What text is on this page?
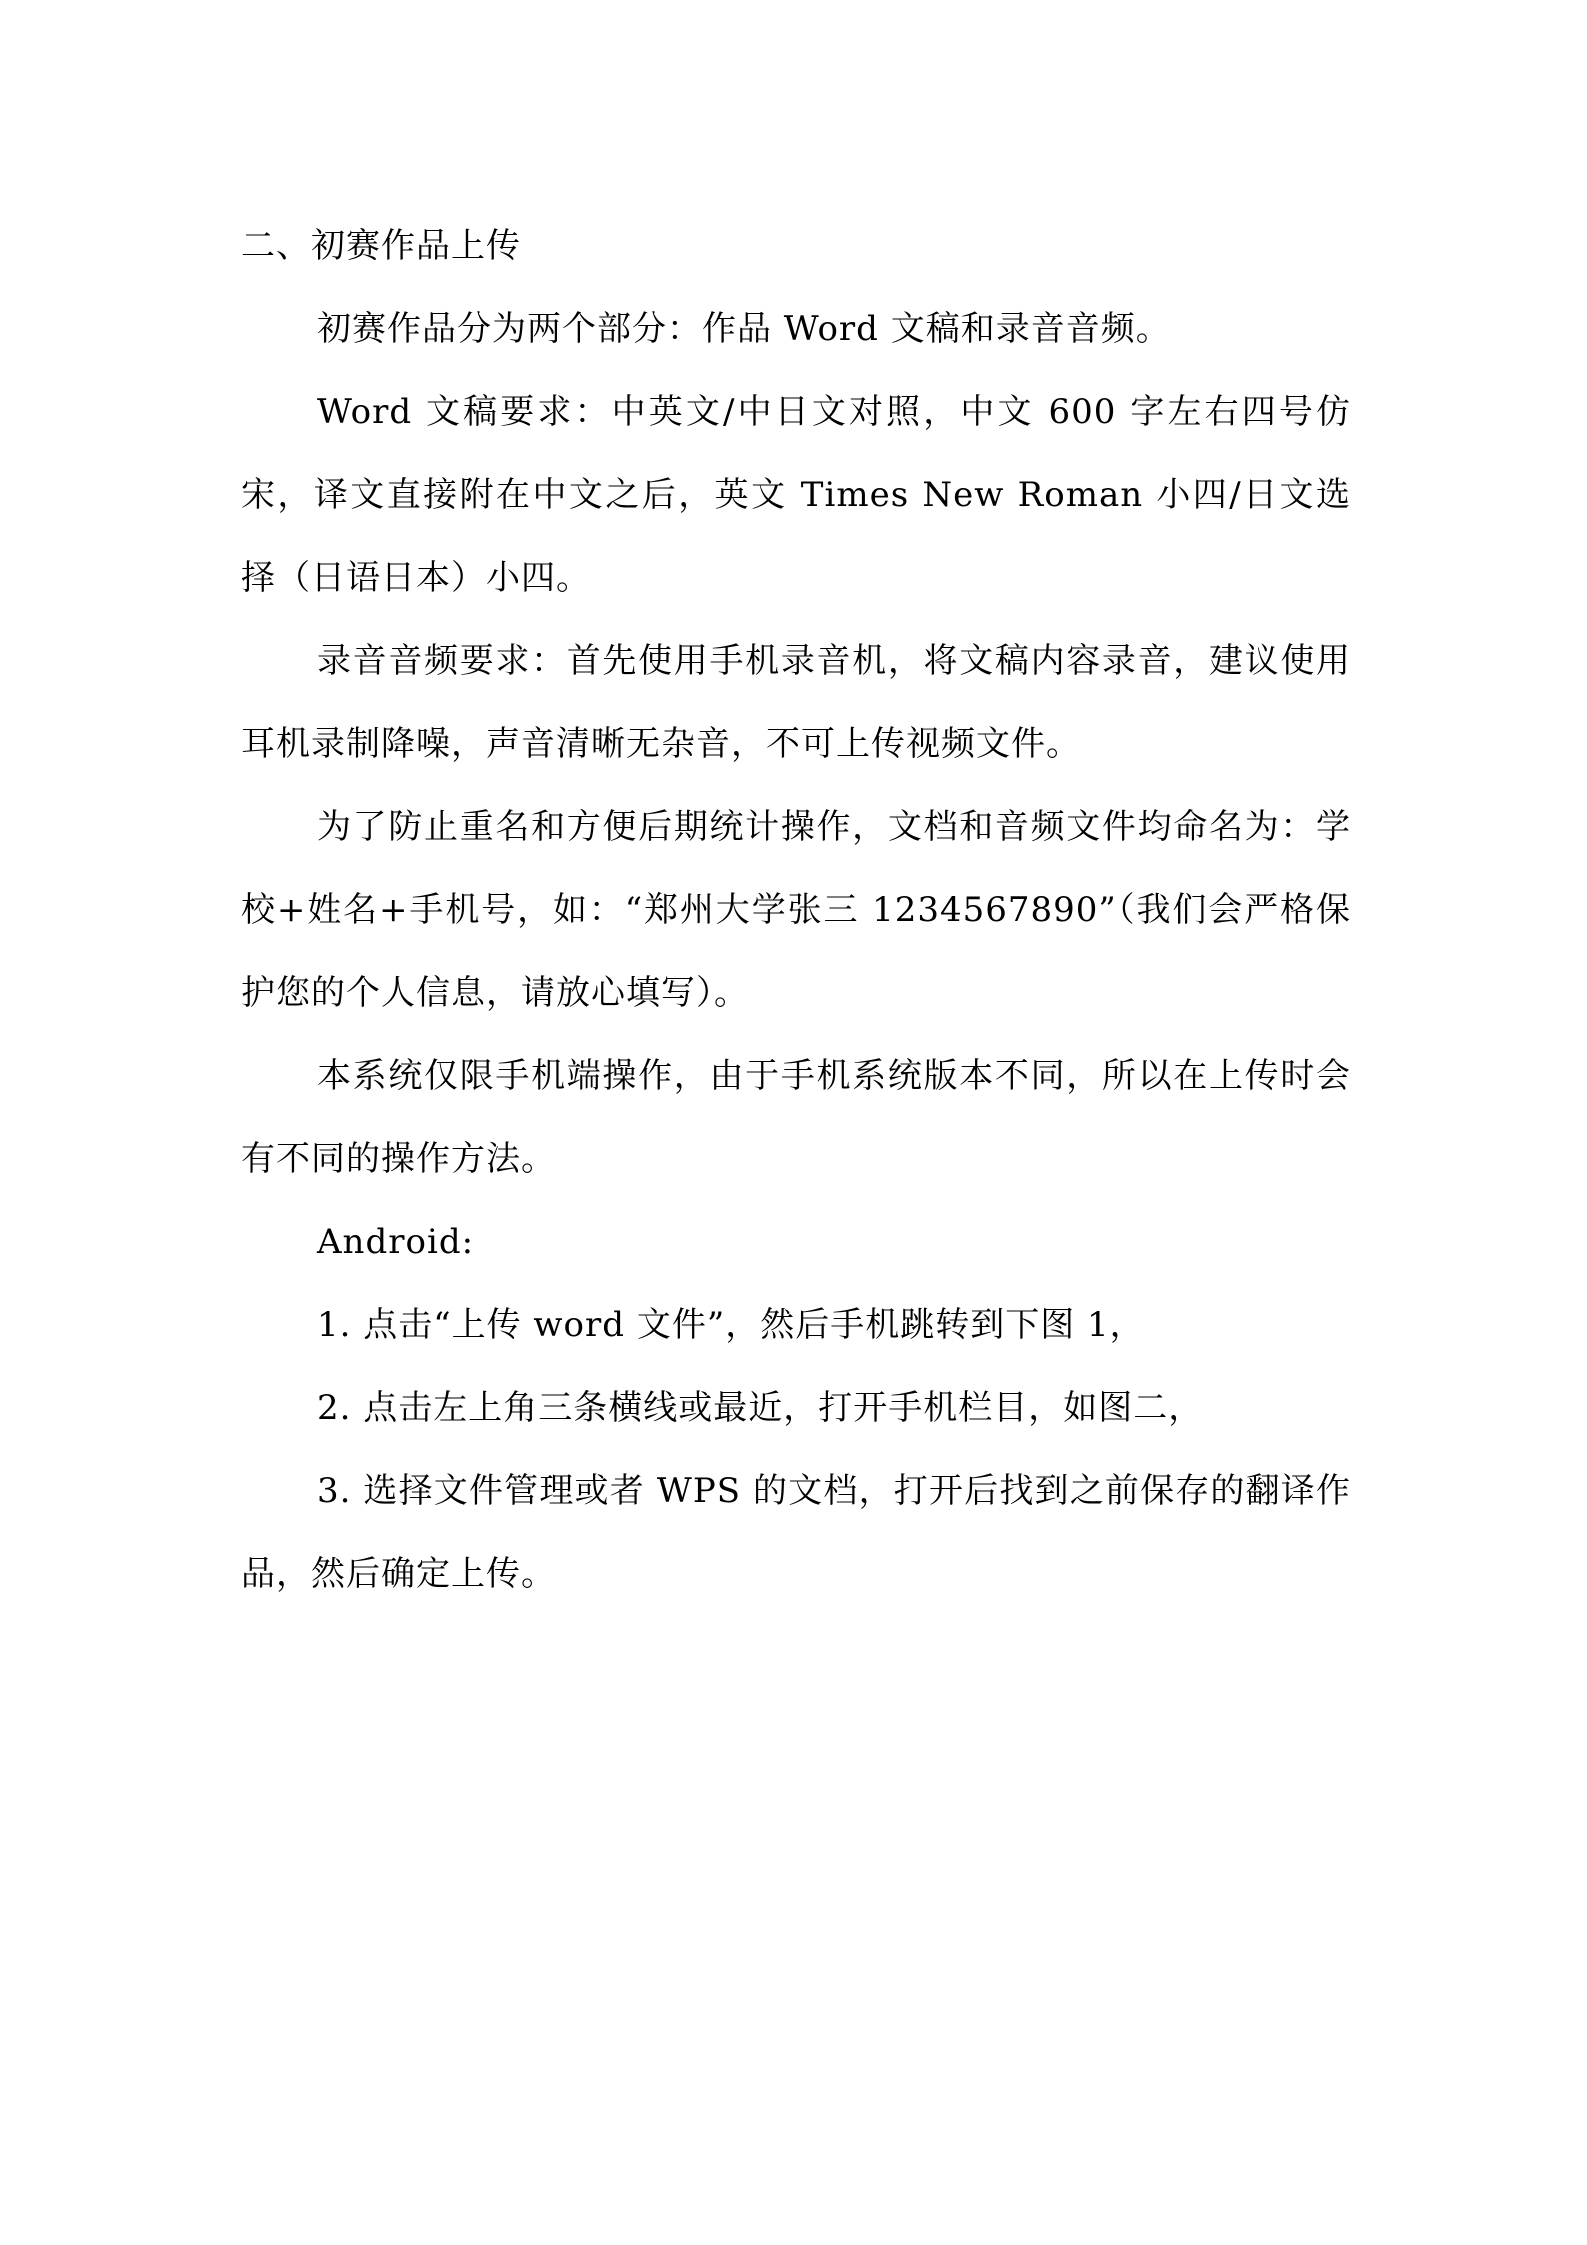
二、初赛作品上传

初赛作品分为两个部分：作品 Word 文稿和录音音频。

Word 文稿要求：中英文/中日文对照，中文 600 字左右四号仿宋，译文直接附在中文之后，英文 Times New Roman 小四/日文选择（日语日本）小四。

录音音频要求：首先使用手机录音机，将文稿内容录音，建议使用耳机录制降噪，声音清晰无杂音，不可上传视频文件。

为了防止重名和方便后期统计操作，文档和音频文件均命名为：学校+姓名+手机号，如：“郑州大学张三 1234567890”（我们会严格保护您的个人信息，请放心填写）。

本系统仅限手机端操作，由于手机系统版本不同，所以在上传时会有不同的操作方法。

Android:

1. 点击“上传 word 文件”，然后手机跳转到下图 1，

2. 点击左上角三条横线或最近，打开手机栏目，如图二，

3. 选择文件管理或者 WPS 的文档，打开后找到之前保存的翻译作品，然后确定上传。
